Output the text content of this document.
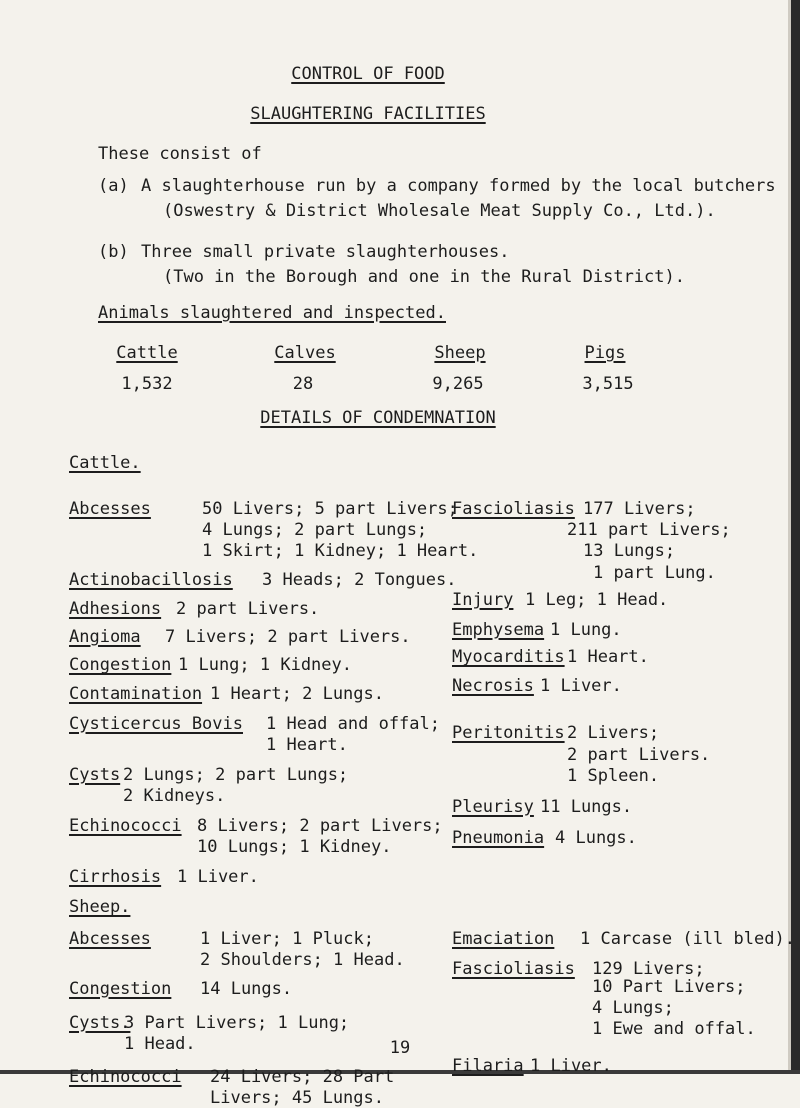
CONTROL OF FOOD
SLAUGHTERING FACILITIES
These consist of
(a) A slaughterhouse run by a company formed by the local butchers
(Oswestry & District Wholesale Meat Supply Co., Ltd.).
(b) Three small private slaughterhouses.
(Two in the Borough and one in the Rural District).
Animals slaughtered and inspected.
Cattle
1,532
Calves
28
Sheep
9,265
Pigs
3,515
DETAILS OF CONDEMNATION
Cattle.
Abcesses	50 Livers; 5 part Livers;
4 Lungs; 2 part Lungs;
1 Skirt; 1 Kidney; 1 Heart.
Actinobacillosis 3 Heads; 2 Tongues.
Adhesions 2 part Livers.
Angioma 7 Livers; 2 part Livers.
Congestion 1 Lung; 1 Kidney.
Contamination 1 Heart; 2 Lungs.
Cysticercus Bovis 1 Head and offal;
1 Heart.
Cysts 2 Lungs; 2 part Lungs;
2 Kidneys.
Echinococci 8 Livers; 2 part Livers;
10 Lungs; 1 Kidney.
Cirrhosis 1 Liver.
Fascioliasis 177 Livers;
211 part Livers;
13 Lungs;
1 part Lung.
Injury 1 Leg; 1 Head.
Emphysema 1 Lung.
Myocarditis 1 Heart.
Necrosis 1 Liver.
Peritonitis 2 Livers;
2 part Livers.
1 Spleen.
Pleurisy 11 Lungs.
Pneumonia 4 Lungs.
Sheep.
Abcesses	1 Liver; 1 Pluck;
2 Shoulders; 1 Head.
Congestion 14 Lungs.
Emaciation 1 Carcase (ill bled).
Fascioliasis 129 Livers;
10 Part Livers;
Cysts.
3 Part Livers; 1 Lung;
1 Head.
Echinococci 24 Livers; 28 Part
Livers; 45 Lungs.
4 Lungs;
1 Ewe and offal.
Filaria 1 Liver.
19
